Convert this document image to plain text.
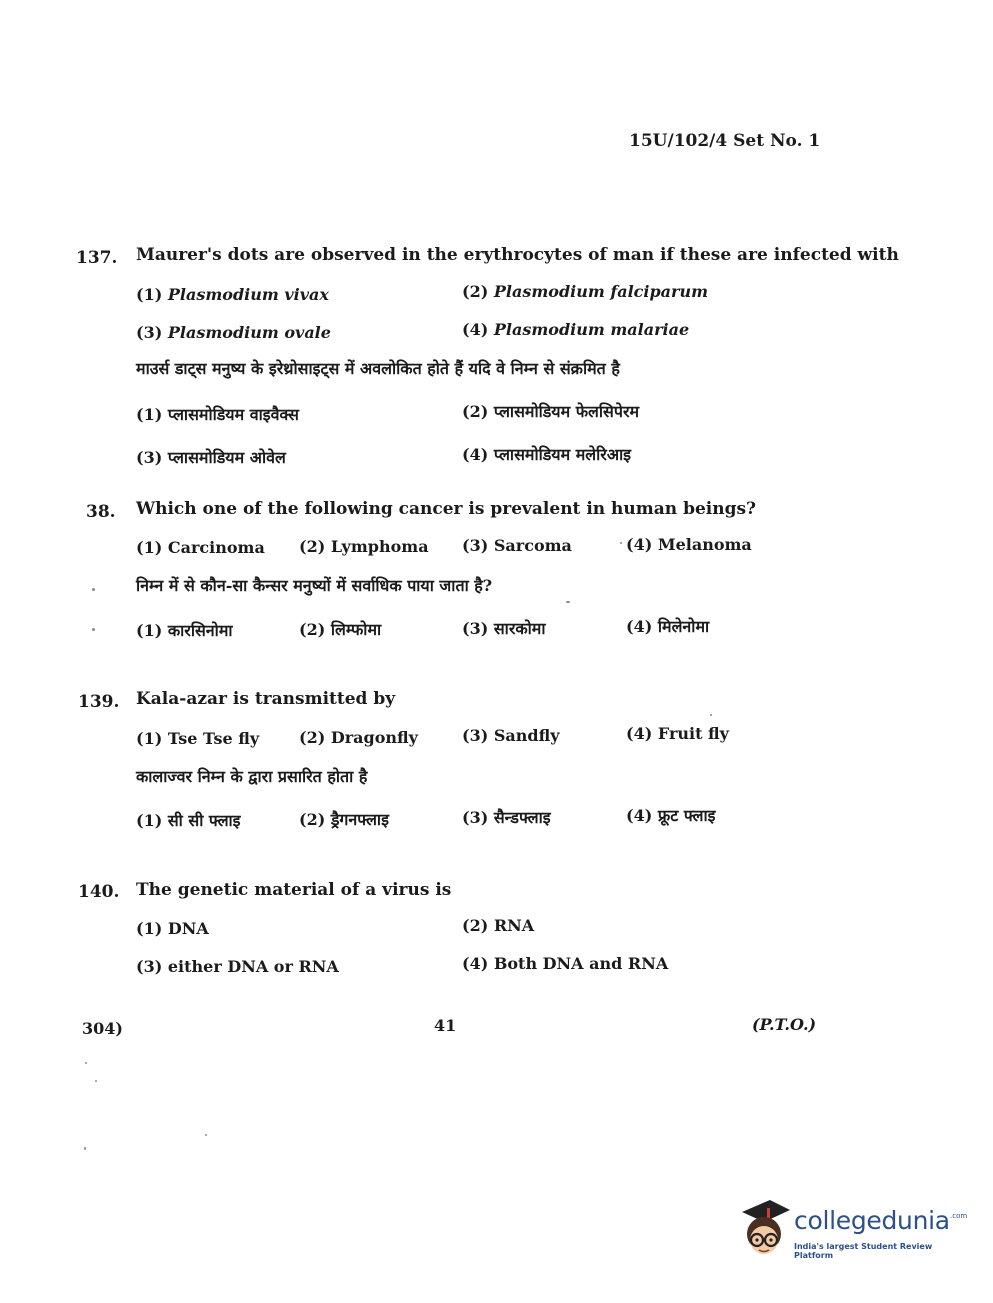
15U/102/4 Set No. 1
137. Maurer's dots are observed in the erythrocytes of man if these are infected with
(1) Plasmodium vivax	(2) Plasmodium falciparum
(3) Plasmodium ovale	(4) Plasmodium malariae
माउर्स डाट्स मनुष्य के इरेथ्रोसाइट्स में अवलोकित होते हैं यदि वे निम्न से संक्रमित है
(1) प्लासमोडियम वाइवैक्स	(2) प्लासमोडियम फेलसिपेरम
(3) प्लासमोडियम ओवेल	(4) प्लासमोडियम मलेरिआइ
38. Which one of the following cancer is prevalent in human beings?
(1) Carcinoma (2) Lymphoma (3) Sarcoma	(4) Melanoma
निम्न में से कौन-सा कैन्सर मनुष्यों में सर्वाधिक पाया जाता है?
(1) कारसिनोमा	(2) लिम्फोमा	(3) सारकोमा	(4) मिलेनोमा
139. Kala-azar is transmitted by
(1) Tse Tse fly (2) Dragonfly	(3) Sandfly	(4) Fruit fly
कालाज्वर निम्न के द्वारा प्रसारित होता है
(1) सी सी फ्लाइ	(2) ड्रैगनफ्लाइ	(3) सैन्डफ्लाइ	(4) फ्रूट फ्लाइ
140. The genetic material of a virus is
(1) DNA	(2) RNA
(3) either DNA or RNA	(4) Both DNA and RNA
304)	41	(P.T.O.)
collegedunia .com
India's largest Student Review Platform
